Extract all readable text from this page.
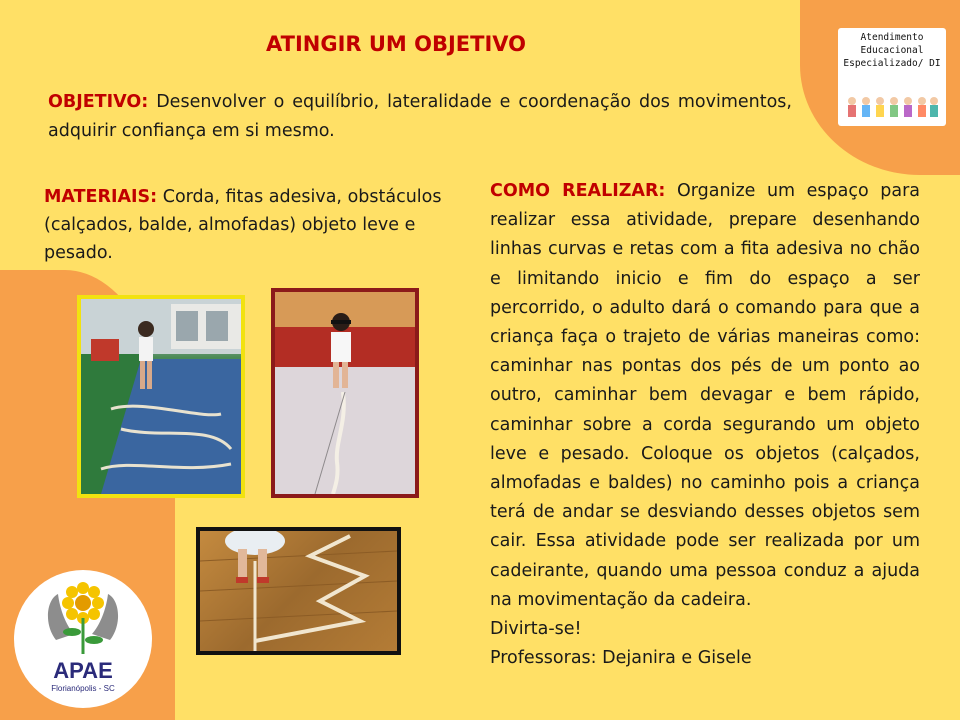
ATINGIR UM OBJETIVO
OBJETIVO: Desenvolver o equilíbrio, lateralidade e coordenação dos movimentos, adquirir confiança em si mesmo.
MATERIAIS: Corda, fitas adesiva, obstáculos (calçados, balde, almofadas) objeto leve e pesado.
COMO REALIZAR: Organize um espaço para realizar essa atividade, prepare desenhando linhas curvas e retas com a fita adesiva no chão e limitando inicio e fim do espaço a ser percorrido, o adulto dará o comando para que a criança faça o trajeto de várias maneiras como: caminhar nas pontas dos pés de um ponto ao outro, caminhar bem devagar e bem rápido, caminhar sobre a corda segurando um objeto leve e pesado. Coloque os objetos (calçados, almofadas e baldes) no caminho pois a criança terá de andar se desviando desses objetos sem cair. Essa atividade pode ser realizada por um cadeirante, quando uma pessoa conduz a ajuda na movimentação da cadeira.

Divirta-se!

Professoras: Dejanira e Gisele

Atendimento
Educacional
Especializado/ DI
APAE
Florianópolis - SC
